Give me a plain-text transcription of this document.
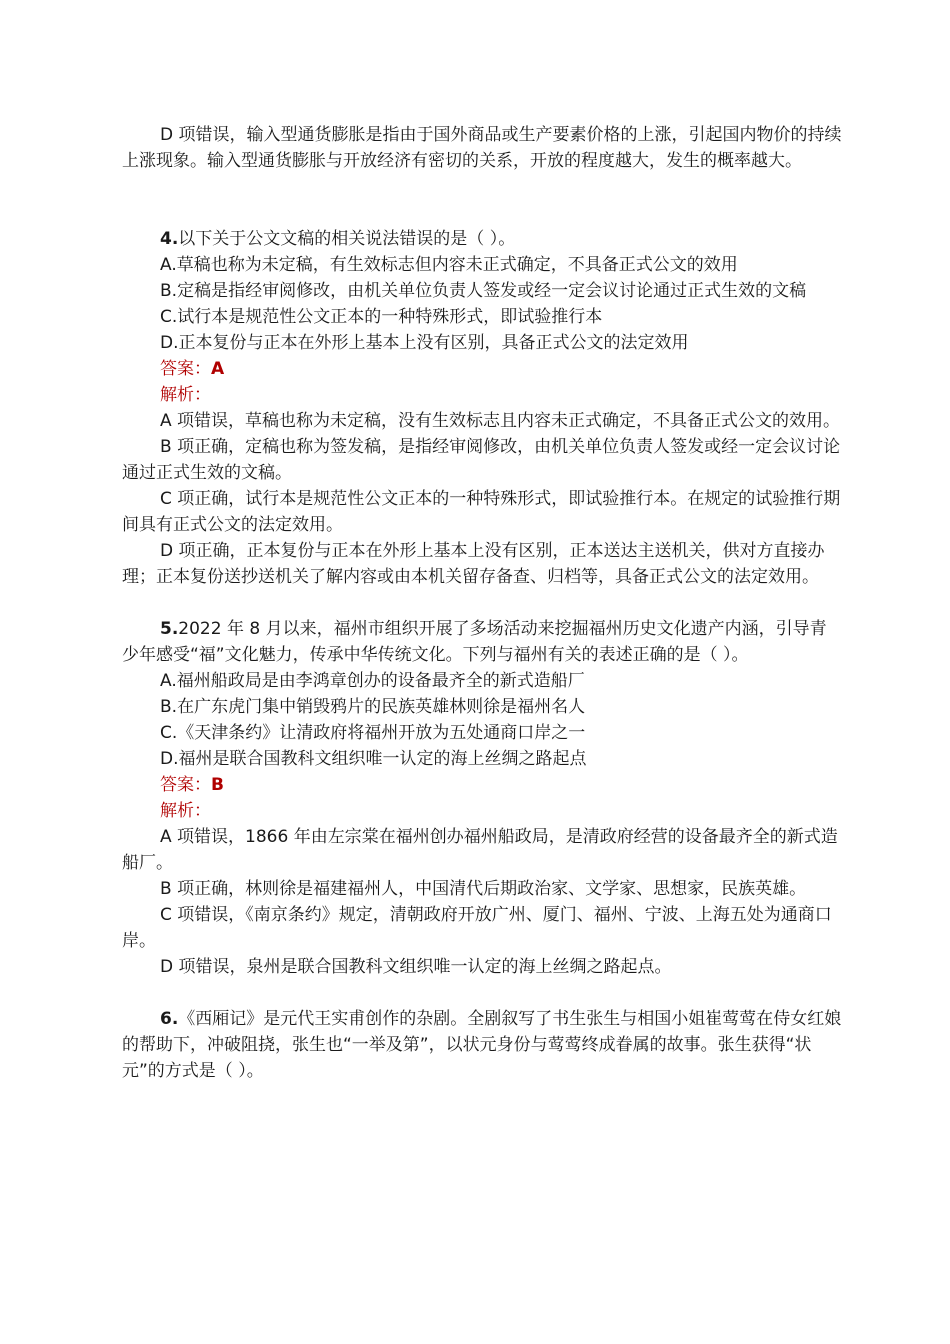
D 项错误，输入型通货膨胀是指由于国外商品或生产要素价格的上涨，引起国内物价的持续上涨现象。输入型通货膨胀与开放经济有密切的关系，开放的程度越大，发生的概率越大。

4.以下关于公文文稿的相关说法错误的是（ ）。

A.草稿也称为未定稿，有生效标志但内容未正式确定，不具备正式公文的效用

B.定稿是指经审阅修改，由机关单位负责人签发或经一定会议讨论通过正式生效的文稿

C.试行本是规范性公文正本的一种特殊形式，即试验推行本

D.正本复份与正本在外形上基本上没有区别，具备正式公文的法定效用

答案：A

解析：

A 项错误，草稿也称为未定稿，没有生效标志且内容未正式确定，不具备正式公文的效用。

B 项正确，定稿也称为签发稿，是指经审阅修改，由机关单位负责人签发或经一定会议讨论通过正式生效的文稿。

C 项正确，试行本是规范性公文正本的一种特殊形式，即试验推行本。在规定的试验推行期间具有正式公文的法定效用。

D 项正确，正本复份与正本在外形上基本上没有区别，正本送达主送机关，供对方直接办理；正本复份送抄送机关了解内容或由本机关留存备查、归档等，具备正式公文的法定效用。

5.2022 年 8 月以来，福州市组织开展了多场活动来挖掘福州历史文化遗产内涵，引导青少年感受“福”文化魅力，传承中华传统文化。下列与福州有关的表述正确的是（ ）。

A.福州船政局是由李鸿章创办的设备最齐全的新式造船厂

B.在广东虎门集中销毁鸦片的民族英雄林则徐是福州名人

C.《天津条约》让清政府将福州开放为五处通商口岸之一

D.福州是联合国教科文组织唯一认定的海上丝绸之路起点

答案：B

解析：

A 项错误，1866 年由左宗棠在福州创办福州船政局，是清政府经营的设备最齐全的新式造船厂。

B 项正确，林则徐是福建福州人，中国清代后期政治家、文学家、思想家，民族英雄。

C 项错误，《南京条约》规定，清朝政府开放广州、厦门、福州、宁波、上海五处为通商口岸。

D 项错误，泉州是联合国教科文组织唯一认定的海上丝绸之路起点。

6.《西厢记》是元代王实甫创作的杂剧。全剧叙写了书生张生与相国小姐崔莺莺在侍女红娘的帮助下，冲破阻挠，张生也“一举及第”，以状元身份与莺莺终成眷属的故事。张生获得“状元”的方式是（ ）。
